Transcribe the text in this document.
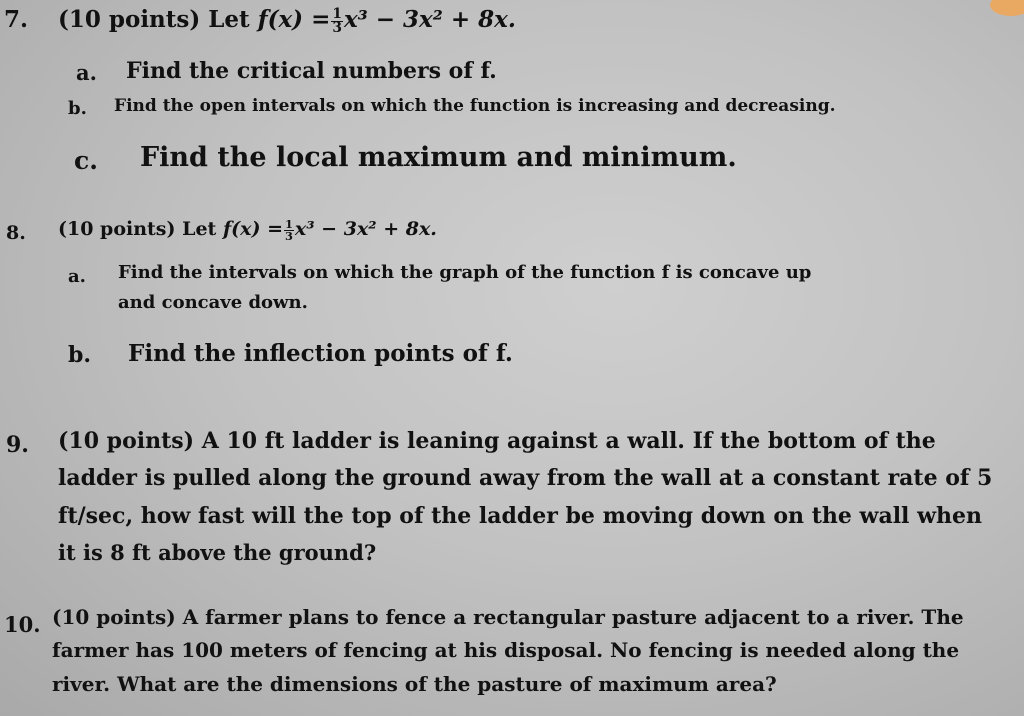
7. (10 points) Let $f(x) = \frac{1}{3} x^3 - 3x^2 + 8x$.
a. Find the critical numbers of f.
b. Find the open intervals on which the function is increasing and decreasing.
c. Find the local maximum and minimum.
8. (10 points) Let $f(x) = \frac{1}{3} x^3 - 3x^2 + 8x$.
a. Find the intervals on which the graph of the function f is concave up
and concave down.
b. Find the inflection points of f.
9. (10 points) A 10 ft ladder is leaning against a wall. If the bottom of the
ladder is pulled along the ground away from the wall at a constant rate of 5
ft/sec, how fast will the top of the ladder be moving down on the wall when
it is 8 ft above the ground?
10. (10 points) A farmer plans to fence a rectangular pasture adjacent to a river. The
farmer has 100 meters of fencing at his disposal. No fencing is needed along the
river. What are the dimensions of the pasture of maximum area?
